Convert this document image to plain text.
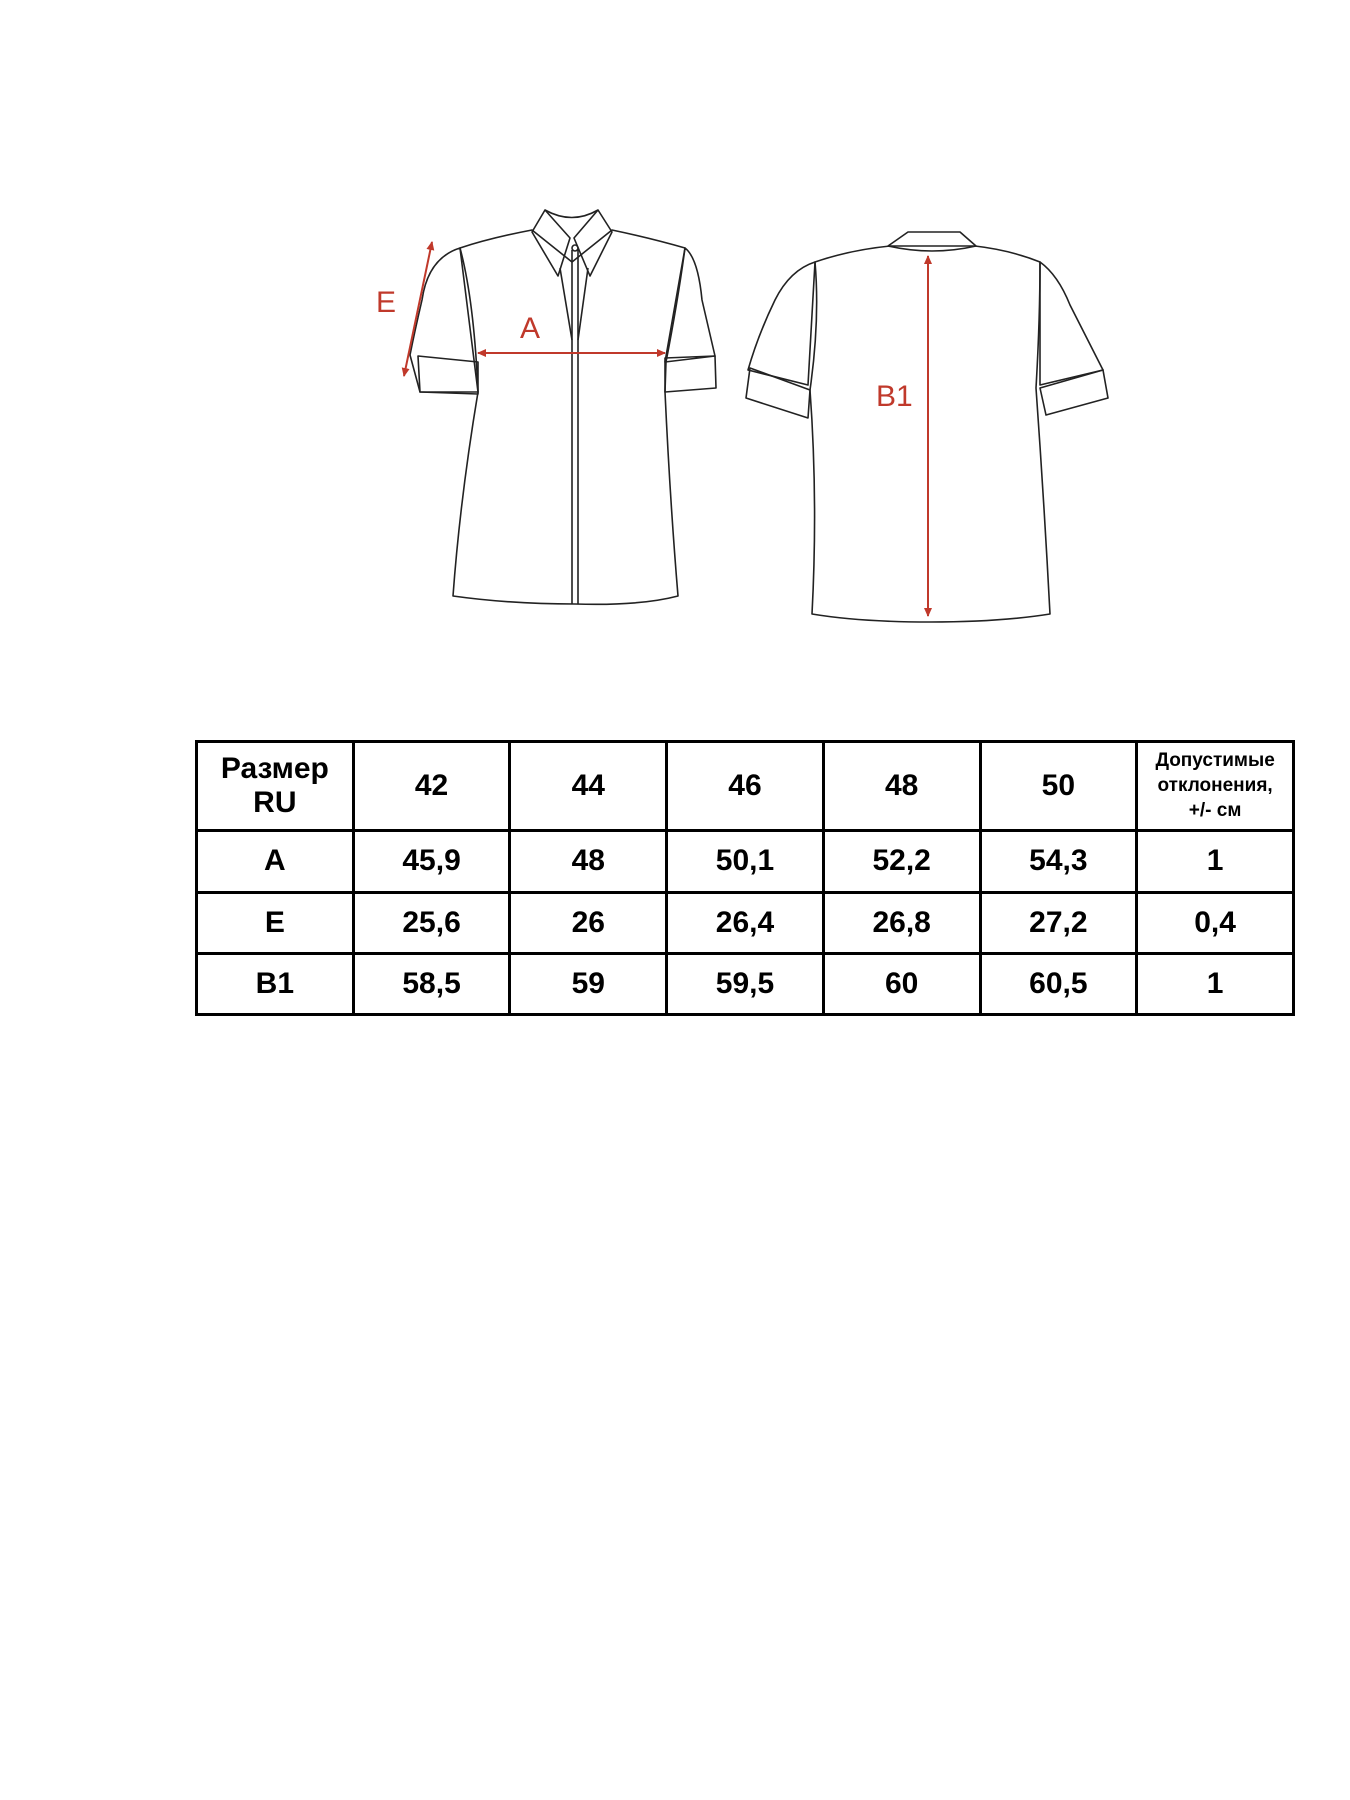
E
A
B1
Размер
RU	42	44	46	48	50	Допустимые
отклонения,
+/- см

A	45,9	48	50,1	52,2	54,3	1
E	25,6	26	26,4	26,8	27,2	0,4
B1	58,5	59	59,5	60	60,5	1
